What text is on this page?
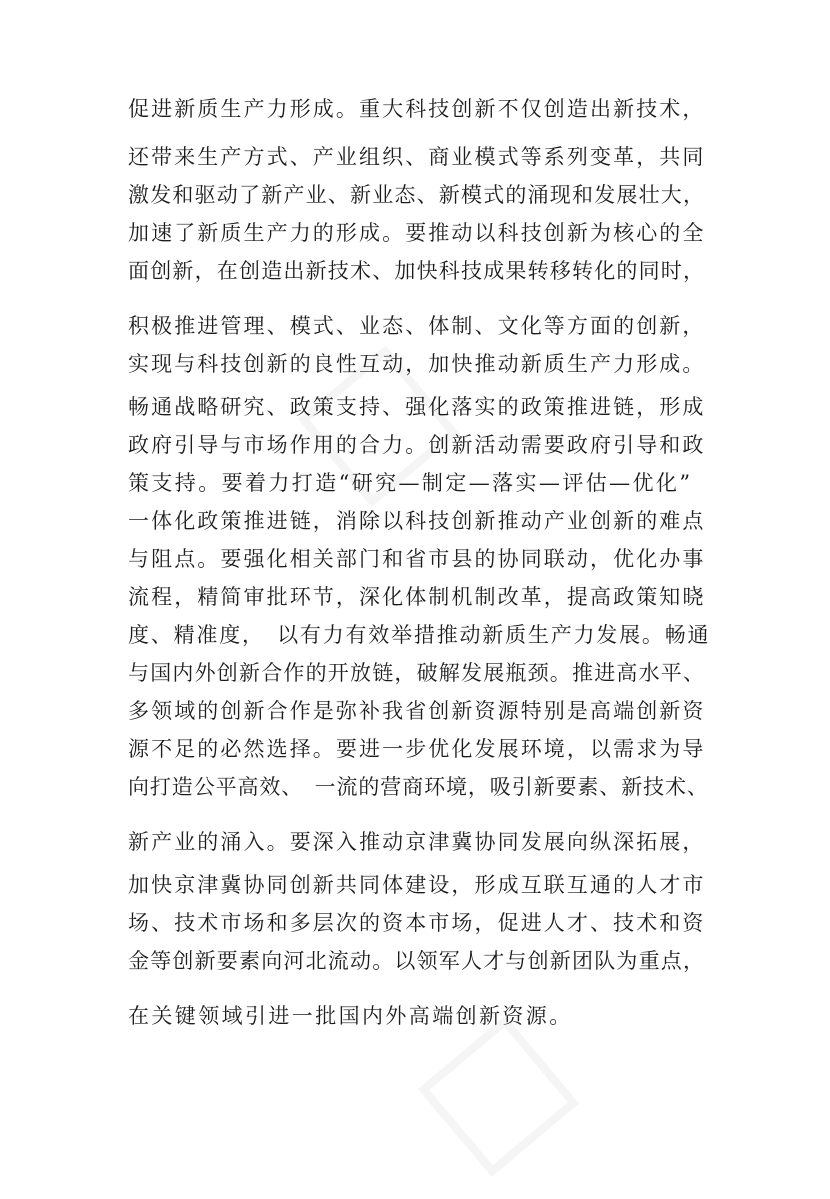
促进新质生产力形成。重大科技创新不仅创造出新技术，
还带来生产方式、产业组织、商业模式等系列变革，共同
激发和驱动了新产业、新业态、新模式的涌现和发展壮大，
加速了新质生产力的形成。要推动以科技创新为核心的全
面创新，在创造出新技术、加快科技成果转移转化的同时，
积极推进管理、模式、业态、体制、文化等方面的创新，
实现与科技创新的良性互动，加快推动新质生产力形成。
畅通战略研究、政策支持、强化落实的政策推进链，形成
政府引导与市场作用的合力。创新活动需要政府引导和政
策支持。要着力打造“研究—制定—落实—评估—优化”
一体化政策推进链，消除以科技创新推动产业创新的难点
与阻点。要强化相关部门和省市县的协同联动，优化办事
流程，精简审批环节，深化体制机制改革，提高政策知晓
度、精准度，　以有力有效举措推动新质生产力发展。畅通
与国内外创新合作的开放链，破解发展瓶颈。推进高水平、
多领域的创新合作是弥补我省创新资源特别是高端创新资
源不足的必然选择。要进一步优化发展环境，以需求为导
向打造公平高效、　一流的营商环境，吸引新要素、新技术、
新产业的涌入。要深入推动京津冀协同发展向纵深拓展，
加快京津冀协同创新共同体建设，形成互联互通的人才市
场、技术市场和多层次的资本市场，促进人才、技术和资
金等创新要素向河北流动。以领军人才与创新团队为重点，
在关键领域引进一批国内外高端创新资源。
